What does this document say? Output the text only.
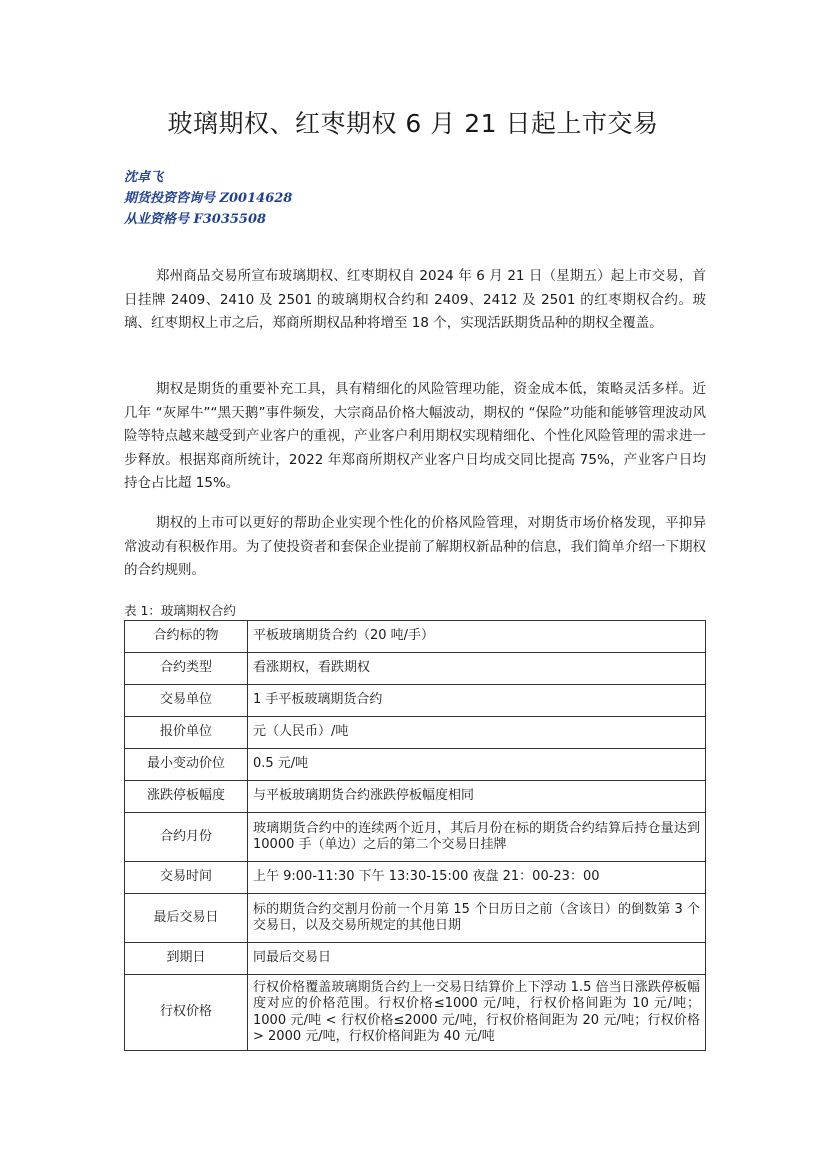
玻璃期权、红枣期权 6 月 21 日起上市交易
沈卓飞
期货投资咨询号 Z0014628
从业资格号 F3035508

郑州商品交易所宣布玻璃期权、红枣期权自 2024 年 6 月 21 日（星期五）起上市交易，首日挂牌 2409、2410 及 2501 的玻璃期权合约和 2409、2412 及 2501 的红枣期权合约。玻璃、红枣期权上市之后，郑商所期权品种将增至 18 个，实现活跃期货品种的期权全覆盖。

期权是期货的重要补充工具，具有精细化的风险管理功能，资金成本低，策略灵活多样。近几年 “灰犀牛”“黑天鹅”事件频发，大宗商品价格大幅波动，期权的 “保险”功能和能够管理波动风险等特点越来越受到产业客户的重视，产业客户利用期权实现精细化、个性化风险管理的需求进一步释放。根据郑商所统计，2022 年郑商所期权产业客户日均成交同比提高 75%，产业客户日均持仓占比超 15%。

期权的上市可以更好的帮助企业实现个性化的价格风险管理，对期货市场价格发现，平抑异常波动有积极作用。为了使投资者和套保企业提前了解期权新品种的信息，我们简单介绍一下期权的合约规则。

表 1：玻璃期权合约

合约标的物	平板玻璃期货合约（20 吨/手）
合约类型	看涨期权，看跌期权
交易单位	1 手平板玻璃期货合约
报价单位	元（人民币）/吨
最小变动价位	0.5 元/吨
涨跌停板幅度	与平板玻璃期货合约涨跌停板幅度相同
合约月份	玻璃期货合约中的连续两个近月，其后月份在标的期货合约结算后持仓量达到 10000 手（单边）之后的第二个交易日挂牌
交易时间	上午 9:00-11:30 下午 13:30-15:00 夜盘 21：00-23：00
最后交易日	标的期货合约交割月份前一个月第 15 个日历日之前（含该日）的倒数第 3 个交易日，以及交易所规定的其他日期
到期日	同最后交易日
行权价格	行权价格覆盖玻璃期货合约上一交易日结算价上下浮动 1.5 倍当日涨跌停板幅度对应的价格范围。行权价格≤1000 元/吨，行权价格间距为 10 元/吨；1000 元/吨 < 行权价格≤2000 元/吨，行权价格间距为 20 元/吨；行权价格 > 2000 元/吨，行权价格间距为 40 元/吨
